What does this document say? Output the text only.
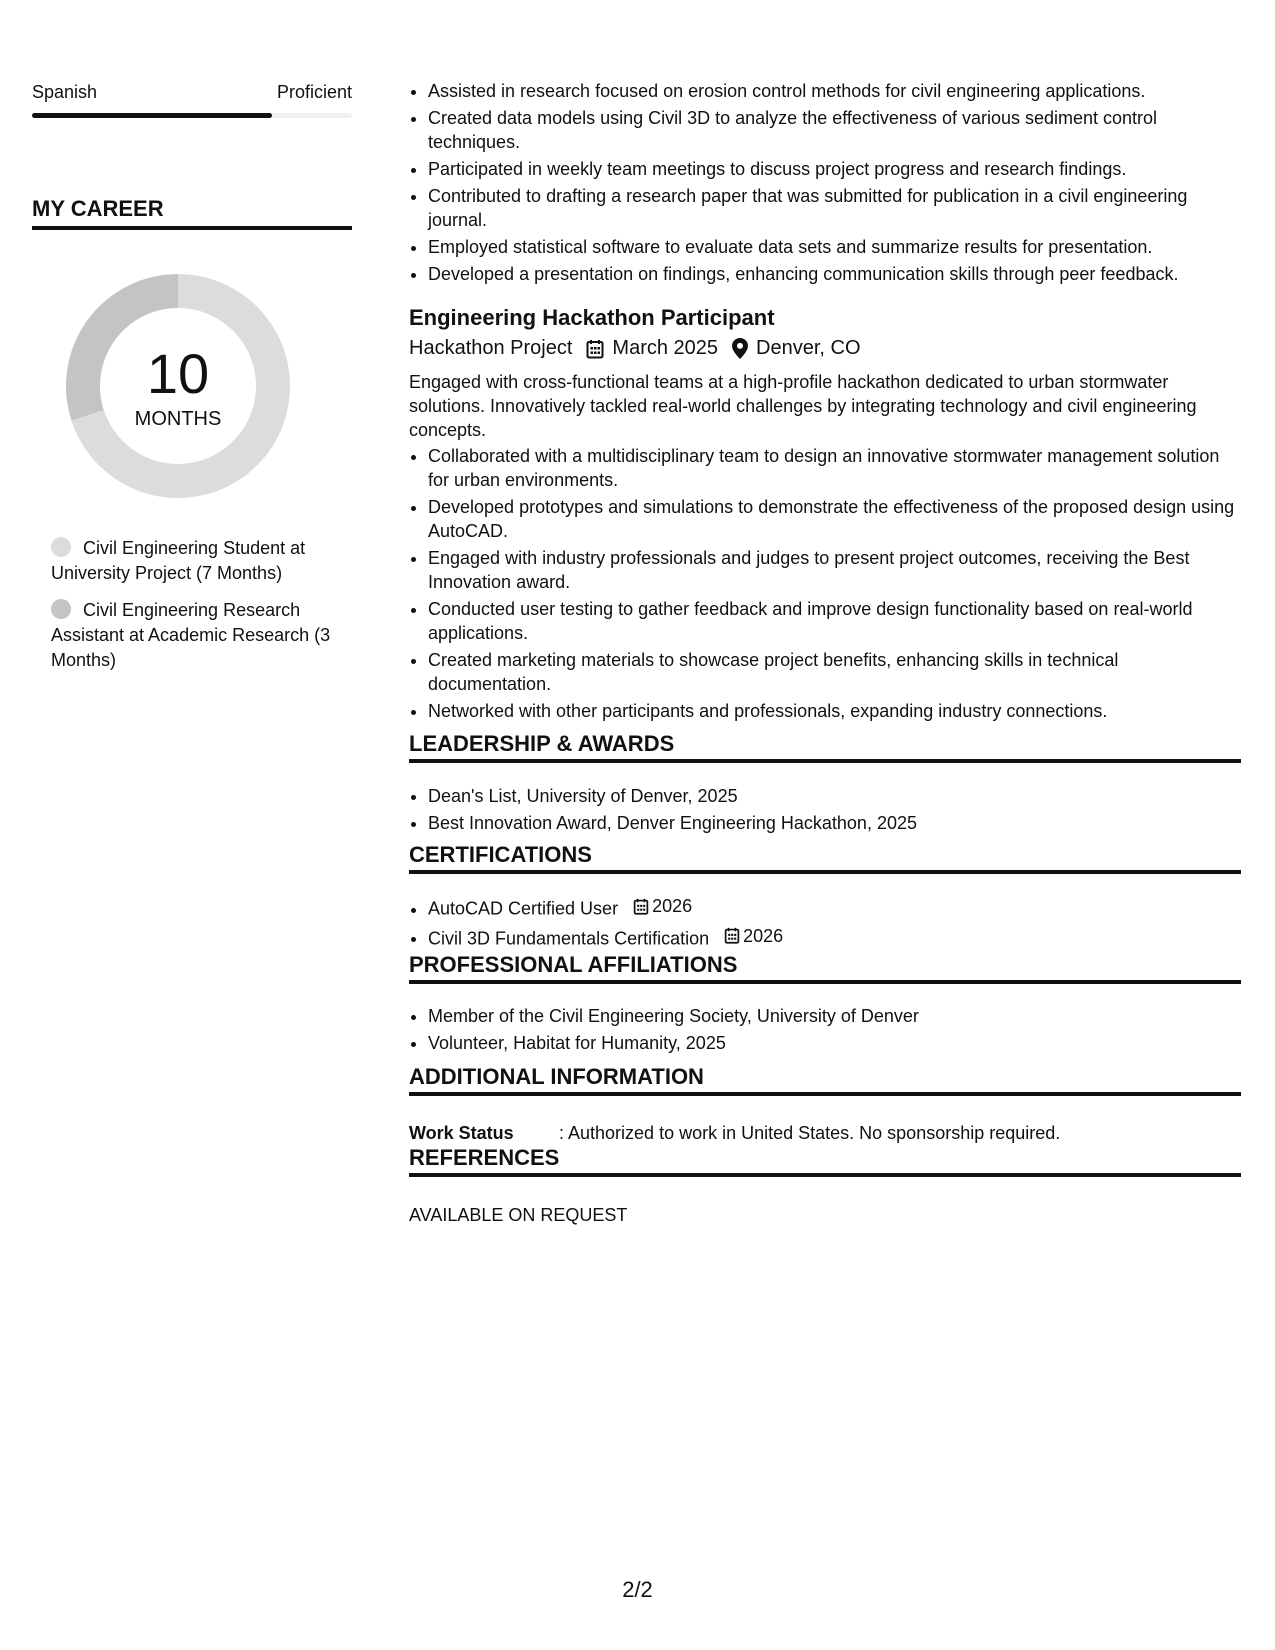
Spanish	Proficient
MY CAREER
10
MONTHS
Civil Engineering Student at University Project (7 Months)
Civil Engineering Research Assistant at Academic Research (3 Months)
• Assisted in research focused on erosion control methods for civil engineering applications.
• Created data models using Civil 3D to analyze the effectiveness of various sediment control techniques.
• Participated in weekly team meetings to discuss project progress and research findings.
• Contributed to drafting a research paper that was submitted for publication in a civil engineering journal.
• Employed statistical software to evaluate data sets and summarize results for presentation.
• Developed a presentation on findings, enhancing communication skills through peer feedback.
Engineering Hackathon Participant
Hackathon Project March 2025 Denver, CO
Engaged with cross-functional teams at a high-profile hackathon dedicated to urban stormwater solutions. Innovatively tackled real-world challenges by integrating technology and civil engineering concepts.
• Collaborated with a multidisciplinary team to design an innovative stormwater management solution for urban environments.
• Developed prototypes and simulations to demonstrate the effectiveness of the proposed design using AutoCAD.
• Engaged with industry professionals and judges to present project outcomes, receiving the Best Innovation award.
• Conducted user testing to gather feedback and improve design functionality based on real-world applications.
• Created marketing materials to showcase project benefits, enhancing skills in technical documentation.
• Networked with other participants and professionals, expanding industry connections.
LEADERSHIP & AWARDS
• Dean's List, University of Denver, 2025
• Best Innovation Award, Denver Engineering Hackathon, 2025
CERTIFICATIONS
• AutoCAD Certified User 2026
• Civil 3D Fundamentals Certification 2026
PROFESSIONAL AFFILIATIONS
• Member of the Civil Engineering Society, University of Denver
• Volunteer, Habitat for Humanity, 2025
ADDITIONAL INFORMATION
Work Status	: Authorized to work in United States. No sponsorship required.
REFERENCES
AVAILABLE ON REQUEST
2/2
